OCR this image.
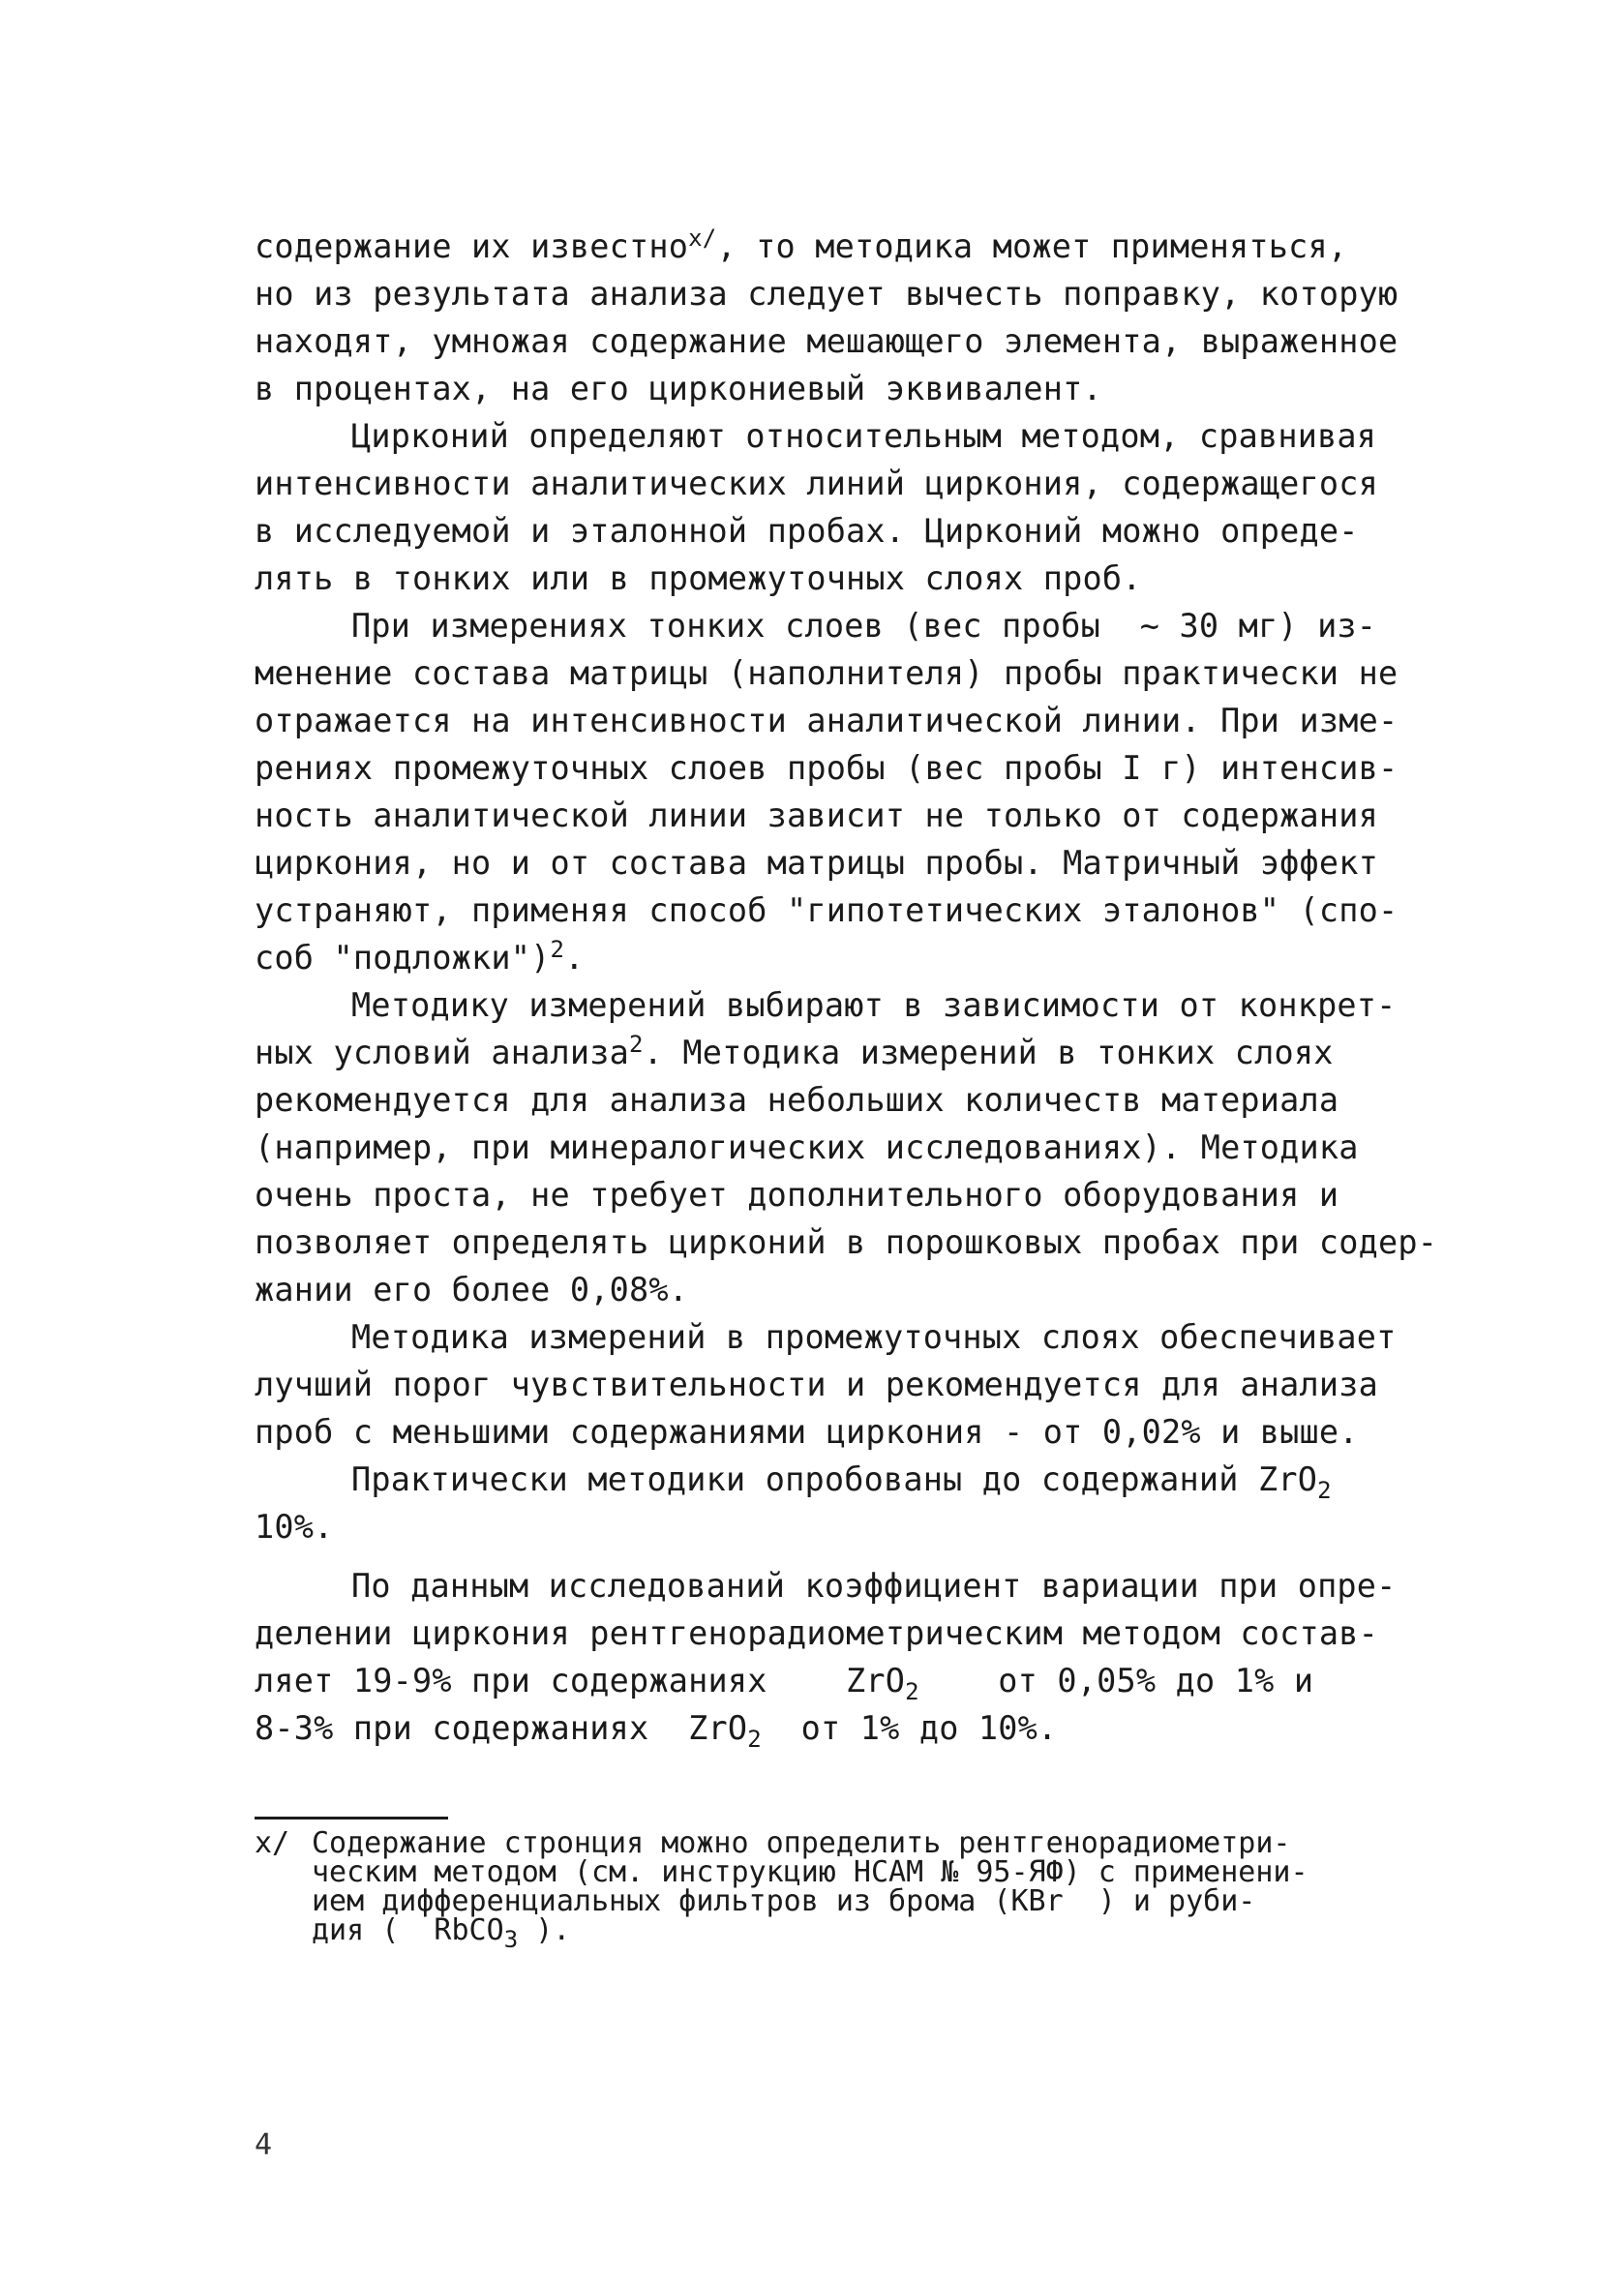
содержание их известно$^{x/}$, то методика может применяться,

но из результата анализа следует вычесть поправку, которую

находят, умножая содержание мешающего элемента, выраженное

в процентах, на его циркониевый эквивалент.

Цирконий определяют относительным методом, сравнивая

интенсивности аналитических линий циркония, содержащегося

в исследуемой и эталонной пробах. Цирконий можно опреде-

лять в тонких или в промежуточных слоях проб.

При измерениях тонких слоев (вес пробы  ~ 30 мг) из-

менение состава матрицы (наполнителя) пробы практически не

отражается на интенсивности аналитической линии. При изме-

рениях промежуточных слоев пробы (вес пробы I г) интенсив-

ность аналитической линии зависит не только от содержания

циркония, но и от состава матрицы пробы. Матричный эффект

устраняют, применяя способ "гипотетических эталонов" (спо-

соб "подложки")$^2$.

Методику измерений выбирают в зависимости от конкрет-

ных условий анализа$^2$. Методика измерений в тонких слоях

рекомендуется для анализа небольших количеств материала

(например, при минералогических исследованиях). Методика

очень проста, не требует дополнительного оборудования и

позволяет определять цирконий в порошковых пробах при содер-

жании его более 0,08%.

Методика измерений в промежуточных слоях обеспечивает

лучший порог чувствительности и рекомендуется для анализа

проб с меньшими содержаниями циркония - от 0,02% и выше.

Практически методики опробованы до содержаний ZrO$_2$

10%.

По данным исследований коэффициент вариации при опре-

делении циркония рентгенорадиометрическим методом состав-

ляет 19-9% при содержаниях    ZrO$_2$    от 0,05% до 1% и

8-3% при содержаниях  ZrO$_2$  от 1% до 10%.

x/ Содержание стронция можно определить рентгенорадиометри-

ческим методом (см. инструкцию НСАМ № 95-ЯФ) с применени-

ием дифференциальных фильтров из брома (KBr  ) и руби-

дия (  RbCO$_3$ ).

4
